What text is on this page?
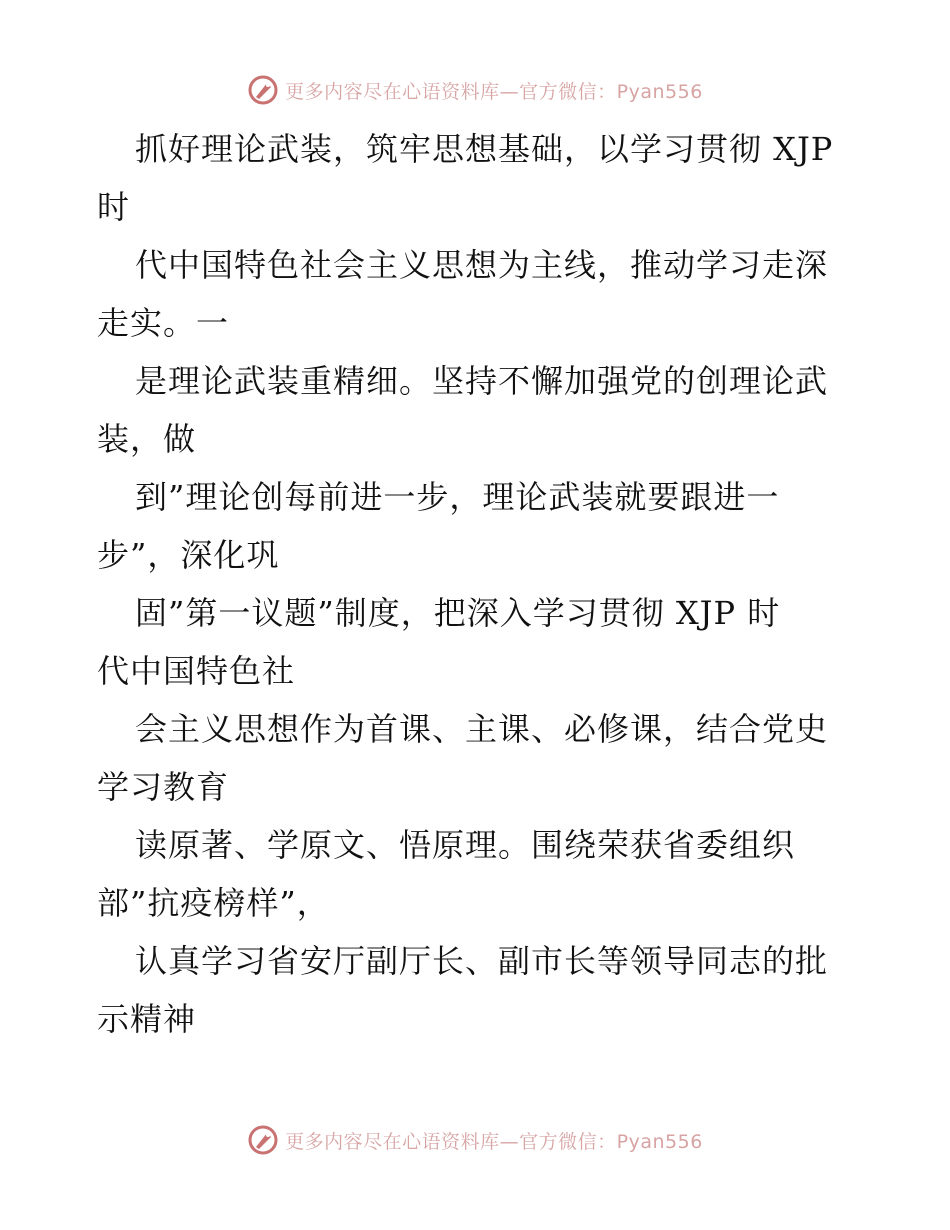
更多内容尽在心语资料库—官方微信：Pyan556
抓好理论武装，筑牢思想基础，以学习贯彻 XJP
时
代中国特色社会主义思想为主线，推动学习走深
走实。一
是理论武装重精细。坚持不懈加强党的创理论武
装，做
到”理论创每前进一步，理论武装就要跟进一
步”，深化巩
固”第一议题”制度，把深入学习贯彻 XJP 时
代中国特色社
会主义思想作为首课、主课、必修课，结合党史
学习教育
读原著、学原文、悟原理。围绕荣获省委组织
部”抗疫榜样”，
认真学习省安厅副厅长、副市长等领导同志的批
示精神
更多内容尽在心语资料库—官方微信：Pyan556
